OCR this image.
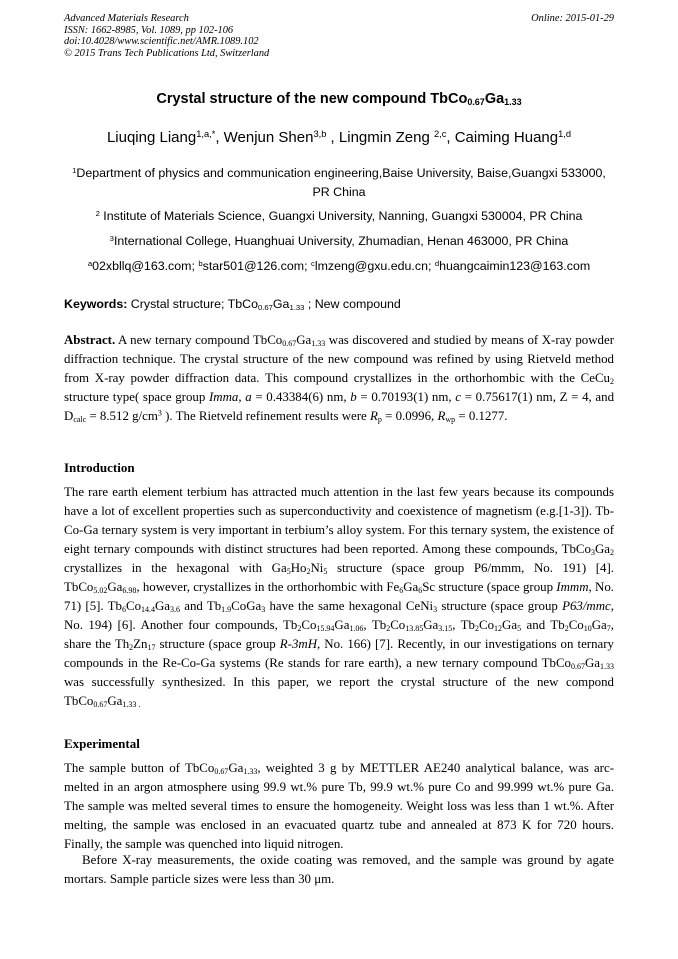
Advanced Materials Research
ISSN: 1662-8985, Vol. 1089, pp 102-106
doi:10.4028/www.scientific.net/AMR.1089.102
© 2015 Trans Tech Publications Ltd, Switzerland
Online: 2015-01-29
Crystal structure of the new compound $TbCo_{0.67}Ga_{1.33}$
Liuqing Liang$^{1,a,*}$, Wenjun Shen$^{3,b}$ , Lingmin Zeng $^{2,c}$, Caiming Huang$^{1,d}$
$^1$Department of physics and communication engineering,Baise University, Baise,Guangxi 533000, PR China
$^2$ Institute of Materials Science, Guangxi University, Nanning, Guangxi 530004, PR China
$^3$International College, Huanghuai University, Zhumadian, Henan 463000, PR China
$^a$02xbllq@163.com; $^b$star501@126.com; $^c$lmzeng@gxu.edu.cn; $^d$huangcaimin123@163.com
Keywords: Crystal structure; $TbCo_{0.67}Ga_{1.33}$ ; New compound

Abstract. A new ternary compound $TbCo_{0.67}Ga_{1.33}$ was discovered and studied by means of X-ray powder diffraction technique. The crystal structure of the new compound was refined by using Rietveld method from X-ray powder diffraction data. This compound crystallizes in the orthorhombic with the CeCu$_2$ structure type( space group Imma, a = 0.43384(6) nm, b = 0.70193(1) nm, c = 0.75617(1) nm, Z = 4, and $D_{calc} = 8.512$ $g/cm^3$ ). The Rietveld refinement results were $R_p = 0.0996$, $R_{wp} = 0.1277$.

Introduction

The rare earth element terbium has attracted much attention in the last few years because its compounds have a lot of excellent properties such as superconductivity and coexistence of magnetism (e.g.[1-3]). Tb-Co-Ga ternary system is very important in terbium’s alloy system. For this ternary system, the existence of eight ternary compounds with distinct structures had been reported. Among these compounds, $TbCo_3Ga_2$ crystallizes in the hexagonal with $Ga_5Ho_2Ni_5$ structure (space group P6/mmm, No. 191) [4]. $TbCo_{5.02}Ga_{6.98}$, however, crystallizes in the orthorhombic with $Fe_6Ga_6Sc$ structure (space group Immm, No. 71) [5]. $Tb_6Co_{14.4}Ga_{3.6}$ and $Tb_{1.9}CoGa_3$ have the same hexagonal CeNi$_3$ structure (space group P63/mmc, No. 194) [6]. Another four compounds, $Tb_2Co_{15.94}Ga_{1.06}$, $Tb_2Co_{13.85}Ga_{3.15}$, $Tb_2Co_{12}Ga_5$ and $Tb_2Co_{10}Ga_7$, share the $Th_2Zn_{17}$ structure (space group R-3mH, No. 166) [7]. Recently, in our investigations on ternary compounds in the Re-Co-Ga systems (Re stands for rare earth), a new ternary compound $TbCo_{0.67}Ga_{1.33}$ was successfully synthesized. In this paper, we report the crystal structure of the new compond $TbCo_{0.67}Ga_{1.33 .}$

Experimental

The sample button of $TbCo_{0.67}Ga_{1.33}$, weighted 3 g by METTLER AE240 analytical balance, was arc-melted in an argon atmosphere using 99.9 wt.% pure Tb, 99.9 wt.% pure Co and 99.999 wt.% pure Ga. The sample was melted several times to ensure the homogeneity. Weight loss was less than 1 wt.%. After melting, the sample was enclosed in an evacuated quartz tube and annealed at 873 K for 720 hours. Finally, the sample was quenched into liquid nitrogen.

Before X-ray measurements, the oxide coating was removed, and the sample was ground by agate mortars. Sample particle sizes were less than 30 μm.
